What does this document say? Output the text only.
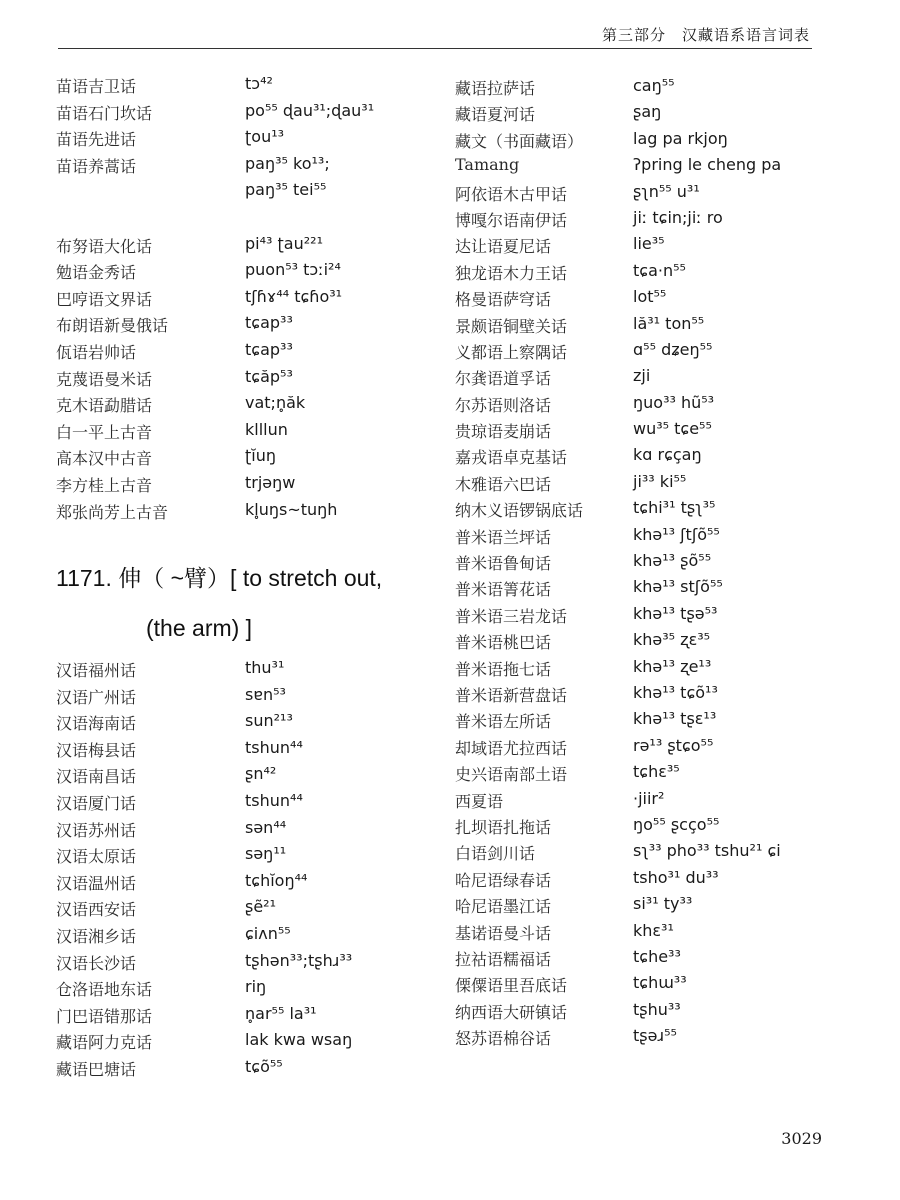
第三部分　汉藏语系语言词表
苗语吉卫话	tɔ⁴²
苗语石门坎话	po⁵⁵ ɖau³¹;ɖau³¹
苗语先进话	ʈou¹³
苗语养蒿话	paŋ³⁵ ko¹³;
paŋ³⁵ tei⁵⁵
布努语大化话	pi⁴³ ʈau²²¹
勉语金秀话	puon⁵³ tɔːi²⁴
巴哼语文界话	tʃɦɤ⁴⁴ tɕɦo³¹
布朗语新曼俄话	tɕap³³
佤语岩帅话	tɕap³³
克蔑语曼米话	tɕăp⁵³
克木语勐腊话	vat;n̥ăk
白一平上古音	klllun
高本汉中古音	ʈĭuŋ
李方桂上古音	trjəŋw
郑张尚芳上古音	kl̥uŋs~tuŋh
1171. 伸（ ~臂）[ to stretch out,
(the arm) ]
汉语福州话	thu³¹
汉语广州话	sɐn⁵³
汉语海南话	sun²¹³
汉语梅县话	tshun⁴⁴
汉语南昌话	ʂn⁴²
汉语厦门话	tshun⁴⁴
汉语苏州话	sən⁴⁴
汉语太原话	səŋ¹¹
汉语温州话	tɕhĭoŋ⁴⁴
汉语西安话	ʂẽ²¹
汉语湘乡话	ɕiʌn⁵⁵
汉语长沙话	tʂhən³³;tʂhɹ³³
仓洛语地东话	riŋ
门巴语错那话	n̥ar⁵⁵ la³¹
藏语阿力克话	lak kwa wsaŋ
藏语巴塘话	tɕõ⁵⁵
藏语拉萨话	caŋ⁵⁵
藏语夏河话	ʂaŋ
藏文（书面藏语）	lag pa rkjoŋ
Tamang	ʔpring le cheng pa
阿依语木古甲话	ʂʅn⁵⁵ u³¹
博嘎尔语南伊话	jiː tɕin;jiː ro
达让语夏尼话	lie³⁵
独龙语木力王话	tɕa·n⁵⁵
格曼语萨穹话	lot⁵⁵
景颇语铜壁关话	lă³¹ ton⁵⁵
义都语上察隅话	ɑ⁵⁵ dʑeŋ⁵⁵
尔龚语道孚话	zji
尔苏语则洛话	ŋuo³³ hũ⁵³
贵琼语麦崩话	wu³⁵ tɕe⁵⁵
嘉戎语卓克基话	kɑ rɕçaŋ
木雅语六巴话	ji³³ ki⁵⁵
纳木义语锣锅底话	tɕhi³¹ tʂʅ³⁵
普米语兰坪话	khə¹³ ʃtʃõ⁵⁵
普米语鲁甸话	khə¹³ ʂõ⁵⁵
普米语箐花话	khə¹³ stʃõ⁵⁵
普米语三岩龙话	khə¹³ tʂə⁵³
普米语桃巴话	khə³⁵ ʐɛ³⁵
普米语拖七话	khə¹³ ʐe¹³
普米语新营盘话	khə¹³ tɕõ¹³
普米语左所话	khə¹³ tʂɛ¹³
却域语尤拉西话	rə¹³ ʂtɕo⁵⁵
史兴语南部土语	tɕhɛ³⁵
西夏语	·jiir²
扎坝语扎拖话	ŋo⁵⁵ ʂcço⁵⁵
白语剑川话	sʅ³³ pho³³ tshu²¹ ɕi
哈尼语绿春话	tsho³¹ du³³
哈尼语墨江话	si³¹ ty³³
基诺语曼斗话	khɛ³¹
拉祜语糯福话	tɕhe³³
傈僳语里吾底话	tɕhɯ³³
纳西语大研镇话	tʂhu³³
怒苏语棉谷话	tʂəɹ⁵⁵
3029
